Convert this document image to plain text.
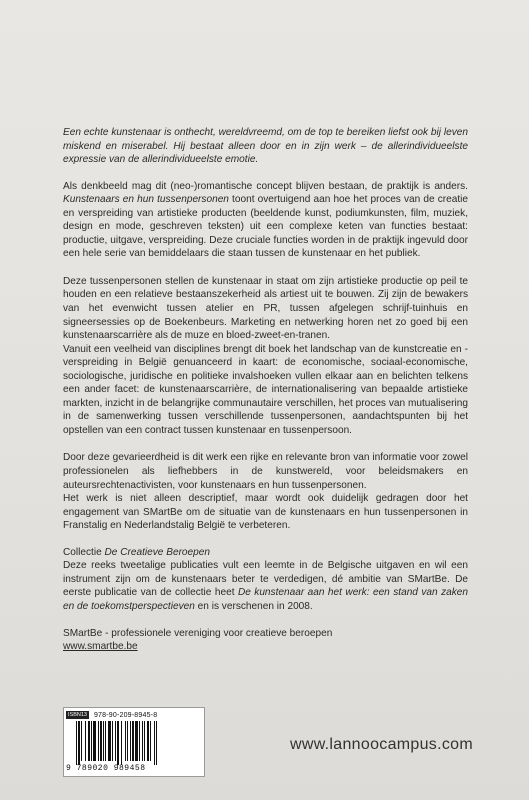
Een echte kunstenaar is onthecht, wereldvreemd, om de top te bereiken liefst ook bij leven miskend en miserabel. Hij bestaat alleen door en in zijn werk – de allerindividueelste expressie van de allerindividueelste emotie.

Als denkbeeld mag dit (neo-)romantische concept blijven bestaan, de praktijk is anders. Kunstenaars en hun tussenpersonen toont overtuigend aan hoe het proces van de creatie en verspreiding van artistieke producten (beeldende kunst, podiumkunsten, film, muziek, design en mode, geschreven teksten) uit een complexe keten van functies bestaat: productie, uitgave, verspreiding. Deze cruciale functies worden in de praktijk ingevuld door een hele serie van bemiddelaars die staan tussen de kunstenaar en het publiek.

Deze tussenpersonen stellen de kunstenaar in staat om zijn artistieke productie op peil te houden en een relatieve bestaanszekerheid als artiest uit te bouwen. Zij zijn de bewakers van het evenwicht tussen atelier en PR, tussen afgelegen schrijf-tuinhuis en signeersessies op de Boekenbeurs. Marketing en netwerking horen net zo goed bij een kunstenaarscarrière als de muze en bloed-zweet-en-tranen.

Vanuit een veelheid van disciplines brengt dit boek het landschap van de kunstcreatie en -verspreiding in België genuanceerd in kaart: de economische, sociaal-economische, sociologische, juridische en politieke invalshoeken vullen elkaar aan en belichten telkens een ander facet: de kunstenaarscarrière, de internationalisering van bepaalde artistieke markten, inzicht in de belangrijke communautaire verschillen, het proces van mutualisering in de samenwerking tussen verschillende tussenpersonen, aandachtspunten bij het opstellen van een contract tussen kunstenaar en tussenpersoon.

Door deze gevarieerdheid is dit werk een rijke en relevante bron van informatie voor zowel professionelen als liefhebbers in de kunstwereld, voor beleidsmakers en auteursrechtenactivisten, voor kunstenaars en hun tussenpersonen.

Het werk is niet alleen descriptief, maar wordt ook duidelijk gedragen door het engagement van SMartBe om de situatie van de kunstenaars en hun tussenpersonen in Franstalig en Nederlandstalig België te verbeteren.

Collectie De Creatieve Beroepen

Deze reeks tweetalige publicaties vult een leemte in de Belgische uitgaven en wil een instrument zijn om de kunstenaars beter te verdedigen, dé ambitie van SMartBe. De eerste publicatie van de collectie heet De kunstenaar aan het werk: een stand van zaken en de toekomstperspectieven en is verschenen in 2008.

SMartBe - professionele vereniging voor creatieve beroepen

www.smartbe.be

ISBN13 978-90-209-8945-8
9 789020 989458
www.lannoocampus.com
